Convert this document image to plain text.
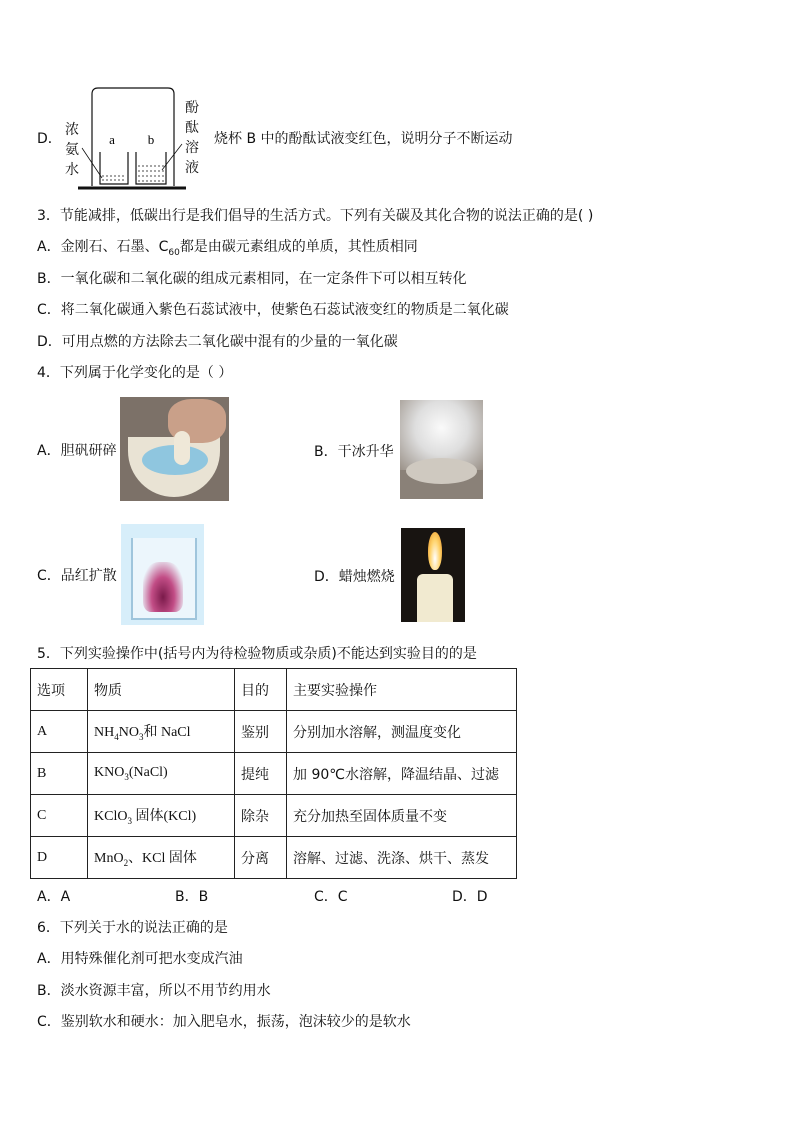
D．
浓氨水
a	b
酚酞溶液
烧杯 B 中的酚酞试液变红色，说明分子不断运动
3．节能减排，低碳出行是我们倡导的生活方式。下列有关碳及其化合物的说法正确的是( )
A．金刚石、石墨、$C_{60}$都是由碳元素组成的单质，其性质相同
B．一氧化碳和二氧化碳的组成元素相同，在一定条件下可以相互转化
C．将二氧化碳通入紫色石蕊试液中，使紫色石蕊试液变红的物质是二氧化碳
D．可用点燃的方法除去二氧化碳中混有的少量的一氧化碳
4．下列属于化学变化的是（ ）
A．胆矾研碎	B．干冰升华
C．品红扩散	D．蜡烛燃烧
5．下列实验操作中(括号内为待检验物质或杂质)不能达到实验目的的是
选项	物质	目的	主要实验操作
A	$NH_4NO_3$和 NaCl	鉴别	分别加水溶解，测温度变化
B	$KNO_3(NaCl)$	提纯	加 90℃水溶解，降温结晶、过滤
C	KClO$_3$ 固体(KCl)	除杂	充分加热至固体质量不变
D	MnO$_2$、KCl 固体	分离	溶解、过滤、洗涤、烘干、蒸发
A．A	B．B	C．C	D．D
6．下列关于水的说法正确的是
A．用特殊催化剂可把水变成汽油
B．淡水资源丰富，所以不用节约用水
C．鉴别软水和硬水：加入肥皂水，振荡，泡沫较少的是软水
